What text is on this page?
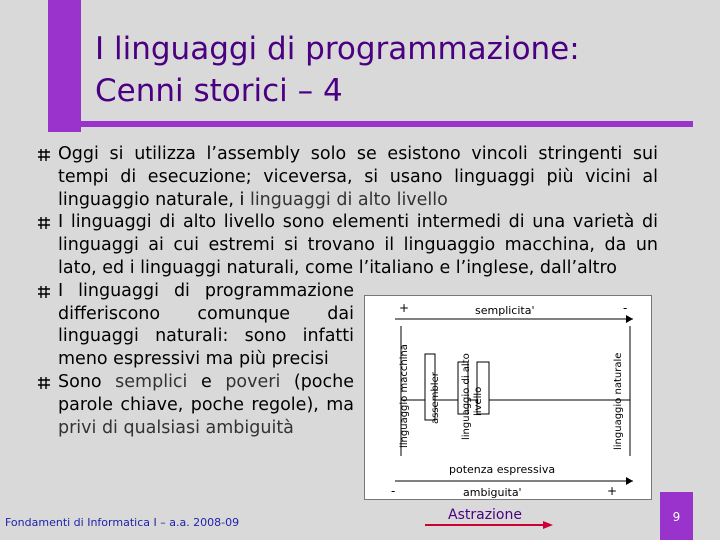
I linguaggi di programmazione:
Cenni storici – 4
Oggi si utilizza l’assembly solo se esistono vincoli stringenti sui tempi di esecuzione; viceversa, si usano linguaggi più vicini al linguaggio naturale, i linguaggi di alto livello
I linguaggi di alto livello sono elementi intermedi di una varietà di linguaggi ai cui estremi si trovano il linguaggio macchina, da un lato, ed i linguaggi naturali, come l’italiano e l’inglese, dall’altro
I linguaggi di programmazione differiscono comunque dai linguaggi naturali: sono infatti meno espressivi ma più precisi
Sono semplici e poveri (poche parole chiave, poche regole), ma privi di qualsiasi ambiguità
+	semplicita'	-
linguaggio macchina assembler linguaggio di alto livello	linguaggio naturale
potenza espressiva
-	ambiguita'	+
Fondamenti di Informatica I – a.a. 2008-09	Astrazione	9
